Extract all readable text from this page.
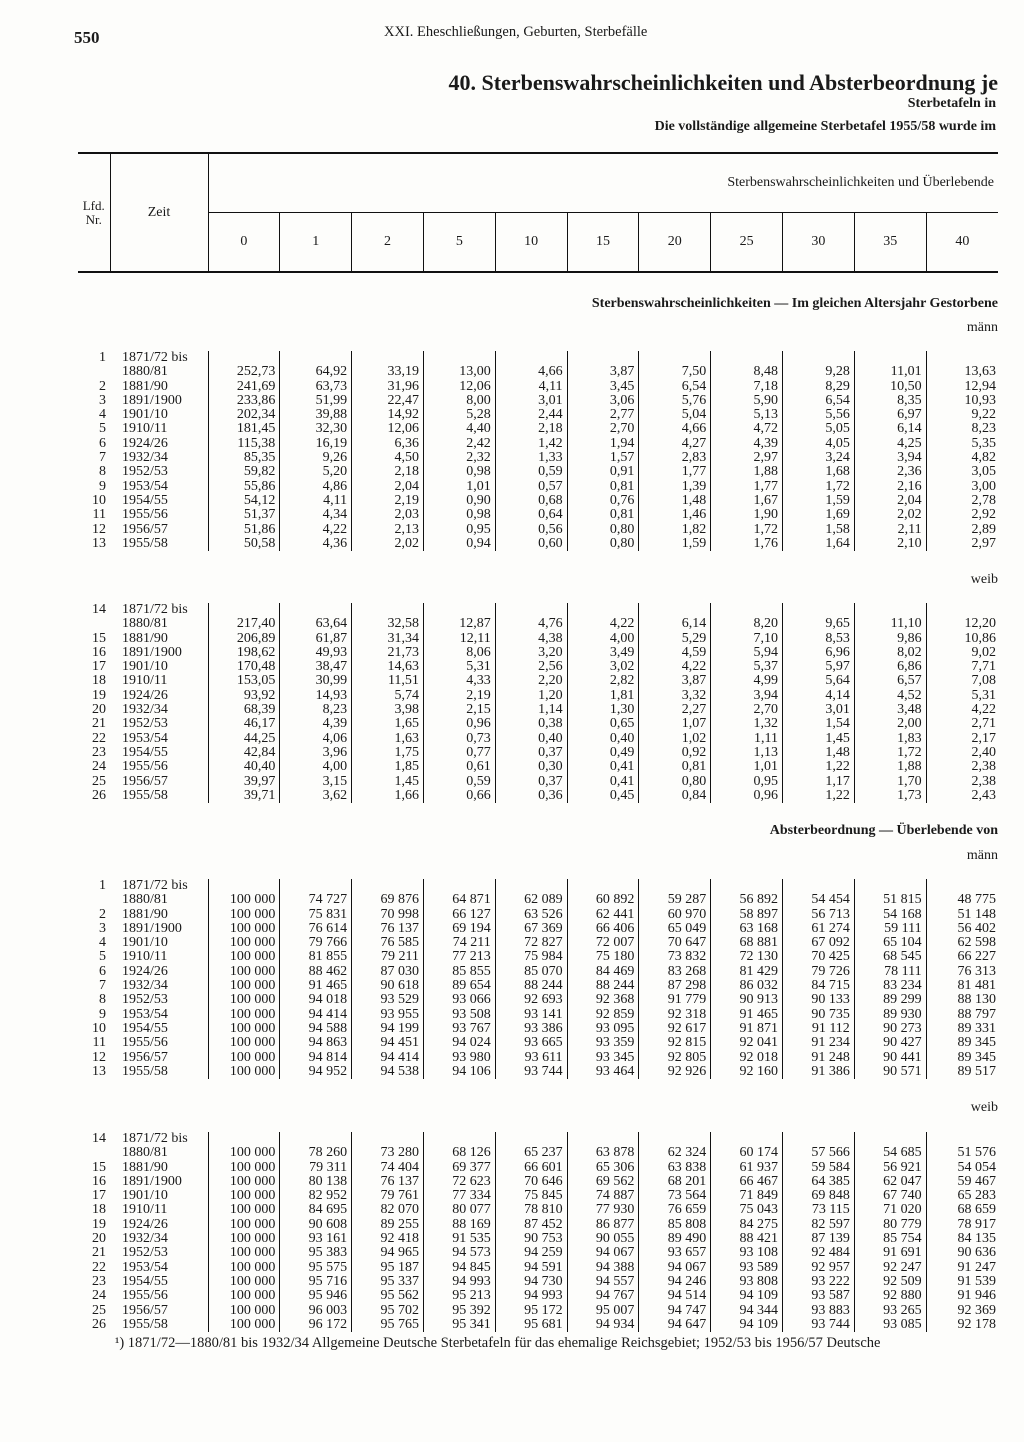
550	XXI. Eheschließungen, Geburten, Sterbefälle
40. Sterbenswahrscheinlichkeiten und Absterbeordnung je
Sterbetafeln in
Die vollständige allgemeine Sterbetafel 1955/58 wurde im
Lfd.
Nr.	Zeit	Sterbenswahrscheinlichkeiten und Überlebende										
		0	1	2	5	10	15	20	25	30	35	40
Sterbenswahrscheinlichkeiten — Im gleichen Altersjahr Gestorbene
männ
1	1871/72 bis
1880/81	252,73	64,92	33,19	13,00	4,66	3,87	7,50	8,48	9,28	11,01	13,63
2	1881/90	241,69	63,73	31,96	12,06	4,11	3,45	6,54	7,18	8,29	10,50	12,94
3	1891/1900	233,86	51,99	22,47	8,00	3,01	3,06	5,76	5,90	6,54	8,35	10,93
4	1901/10	202,34	39,88	14,92	5,28	2,44	2,77	5,04	5,13	5,56	6,97	9,22
5	1910/11	181,45	32,30	12,06	4,40	2,18	2,70	4,66	4,72	5,05	6,14	8,23
6	1924/26	115,38	16,19	6,36	2,42	1,42	1,94	4,27	4,39	4,05	4,25	5,35
7	1932/34	85,35	9,26	4,50	2,32	1,33	1,57	2,83	2,97	3,24	3,94	4,82
8	1952/53	59,82	5,20	2,18	0,98	0,59	0,91	1,77	1,88	1,68	2,36	3,05
9	1953/54	55,86	4,86	2,04	1,01	0,57	0,81	1,39	1,77	1,72	2,16	3,00
10	1954/55	54,12	4,11	2,19	0,90	0,68	0,76	1,48	1,67	1,59	2,04	2,78
11	1955/56	51,37	4,34	2,03	0,98	0,64	0,81	1,46	1,90	1,69	2,02	2,92
12	1956/57	51,86	4,22	2,13	0,95	0,56	0,80	1,82	1,72	1,58	2,11	2,89
13	1955/58	50,58	4,36	2,02	0,94	0,60	0,80	1,59	1,76	1,64	2,10	2,97
weib
14	1871/72 bis
1880/81	217,40	63,64	32,58	12,87	4,76	4,22	6,14	8,20	9,65	11,10	12,20
15	1881/90	206,89	61,87	31,34	12,11	4,38	4,00	5,29	7,10	8,53	9,86	10,86
16	1891/1900	198,62	49,93	21,73	8,06	3,20	3,49	4,59	5,94	6,96	8,02	9,02
17	1901/10	170,48	38,47	14,63	5,31	2,56	3,02	4,22	5,37	5,97	6,86	7,71
18	1910/11	153,05	30,99	11,51	4,33	2,20	2,82	3,87	4,99	5,64	6,57	7,08
19	1924/26	93,92	14,93	5,74	2,19	1,20	1,81	3,32	3,94	4,14	4,52	5,31
20	1932/34	68,39	8,23	3,98	2,15	1,14	1,30	2,27	2,70	3,01	3,48	4,22
21	1952/53	46,17	4,39	1,65	0,96	0,38	0,65	1,07	1,32	1,54	2,00	2,71
22	1953/54	44,25	4,06	1,63	0,73	0,40	0,40	1,02	1,11	1,45	1,83	2,17
23	1954/55	42,84	3,96	1,75	0,77	0,37	0,49	0,92	1,13	1,48	1,72	2,40
24	1955/56	40,40	4,00	1,85	0,61	0,30	0,41	0,81	1,01	1,22	1,88	2,38
25	1956/57	39,97	3,15	1,45	0,59	0,37	0,41	0,80	0,95	1,17	1,70	2,38
26	1955/58	39,71	3,62	1,66	0,66	0,36	0,45	0,84	0,96	1,22	1,73	2,43
Absterbeordnung — Überlebende von
männ
1	1871/72 bis
1880/81	100 000	74 727	69 876	64 871	62 089	60 892	59 287	56 892	54 454	51 815	48 775
2	1881/90	100 000	75 831	70 998	66 127	63 526	62 441	60 970	58 897	56 713	54 168	51 148
3	1891/1900	100 000	76 614	76 137	69 194	67 369	66 406	65 049	63 168	61 274	59 111	56 402
4	1901/10	100 000	79 766	76 585	74 211	72 827	72 007	70 647	68 881	67 092	65 104	62 598
5	1910/11	100 000	81 855	79 211	77 213	75 984	75 180	73 832	72 130	70 425	68 545	66 227
6	1924/26	100 000	88 462	87 030	85 855	85 070	84 469	83 268	81 429	79 726	78 111	76 313
7	1932/34	100 000	91 465	90 618	89 654	88 244	88 244	87 298	86 032	84 715	83 234	81 481
8	1952/53	100 000	94 018	93 529	93 066	92 693	92 368	91 779	90 913	90 133	89 299	88 130
9	1953/54	100 000	94 414	93 955	93 508	93 141	92 859	92 318	91 465	90 735	89 930	88 797
10	1954/55	100 000	94 588	94 199	93 767	93 386	93 095	92 617	91 871	91 112	90 273	89 331
11	1955/56	100 000	94 863	94 451	94 024	93 665	93 359	92 815	92 041	91 234	90 427	89 345
12	1956/57	100 000	94 814	94 414	93 980	93 611	93 345	92 805	92 018	91 248	90 441	89 345
13	1955/58	100 000	94 952	94 538	94 106	93 744	93 464	92 926	92 160	91 386	90 571	89 517
weib
14	1871/72 bis
1880/81	100 000	78 260	73 280	68 126	65 237	63 878	62 324	60 174	57 566	54 685	51 576
15	1881/90	100 000	79 311	74 404	69 377	66 601	65 306	63 838	61 937	59 584	56 921	54 054
16	1891/1900	100 000	80 138	76 137	72 623	70 646	69 562	68 201	66 467	64 385	62 047	59 467
17	1901/10	100 000	82 952	79 761	77 334	75 845	74 887	73 564	71 849	69 848	67 740	65 283
18	1910/11	100 000	84 695	82 070	80 077	78 810	77 930	76 659	75 043	73 115	71 020	68 659
19	1924/26	100 000	90 608	89 255	88 169	87 452	86 877	85 808	84 275	82 597	80 779	78 917
20	1932/34	100 000	93 161	92 418	91 535	90 753	90 055	89 490	88 421	87 139	85 754	84 135
21	1952/53	100 000	95 383	94 965	94 573	94 259	94 067	93 657	93 108	92 484	91 691	90 636
22	1953/54	100 000	95 575	95 187	94 845	94 591	94 388	94 067	93 589	92 957	92 247	91 247
23	1954/55	100 000	95 716	95 337	94 993	94 730	94 557	94 246	93 808	93 222	92 509	91 539
24	1955/56	100 000	95 946	95 562	95 213	94 993	94 767	94 514	94 109	93 587	92 880	91 946
25	1956/57	100 000	96 003	95 702	95 392	95 172	95 007	94 747	94 344	93 883	93 265	92 369
26	1955/58	100 000	96 172	95 765	95 341	95 681	94 934	94 647	94 109	93 744	93 085	92 178
¹) 1871/72—1880/81 bis 1932/34 Allgemeine Deutsche Sterbetafeln für das ehemalige Reichsgebiet; 1952/53 bis 1956/57 Deutsche
